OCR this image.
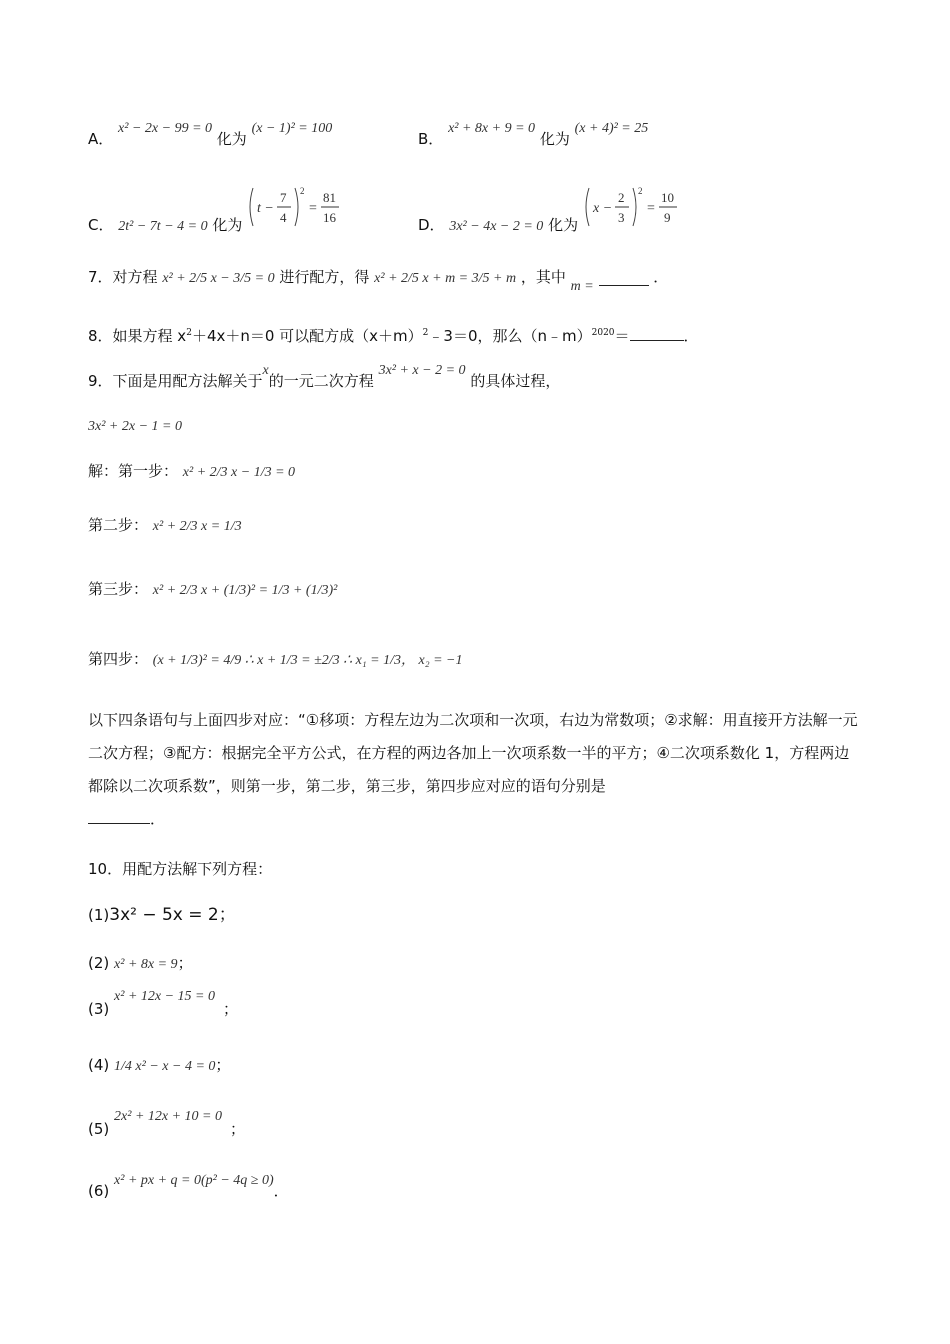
A． x² − 2x − 99 = 0 化为 (x − 1)² = 100
B． x² + 8x + 9 = 0 化为 (x + 4)² = 25
C． 2t² − 7t − 4 = 0 化为
t −
7
4
2
=
81
16	D． 3x² − 4x − 2 = 0 化为
x −
2
3
2
=
10
9
7．对方程 x² + 2/5 x − 3/5 = 0 进行配方，得 x² + 2/5 x + m = 3/5 + m ，其中 m =  ．
8．如果方程 $x^2+4x+n=0$ 可以配方成$(x+m)^2﹣3=0$，那么（n﹣m）$^{2020}$＝	．
9．下面是用配方法解关于x的一元二次方程 3x² + x − 2 = 0 的具体过程，
3x² + 2x − 1 = 0
解：第一步： x² + 2/3 x − 1/3 = 0
第二步： x² + 2/3 x = 1/3
第三步： x² + 2/3 x + (1/3)² = 1/3 + (1/3)²
第四步： (x + 1/3)² = 4/9 ∴ x + 1/3 = ±2/3 ∴ x₁ = 1/3， x₂ = −1
以下四条语句与上面四步对应：“①移项：方程左边为二次项和一次项，右边为常数项；②求解：用直接开方法解一元二次方程；③配方：根据完全平方公式，在方程的两边各加上一次项系数一半的平方；④二次项系数化 1，方程两边都除以二次项系数”，则第一步，第二步，第三步，第四步应对应的语句分别是
．
10．用配方法解下列方程：
(1)3x² − 5x = 2；
(2) x² + 8x = 9；
(3) x² + 12x − 15 = 0；
(4) 1/4 x² − x − 4 = 0；
(5) 2x² + 12x + 10 = 0；
(6) x² + px + q = 0(p² − 4q ≥ 0)．
